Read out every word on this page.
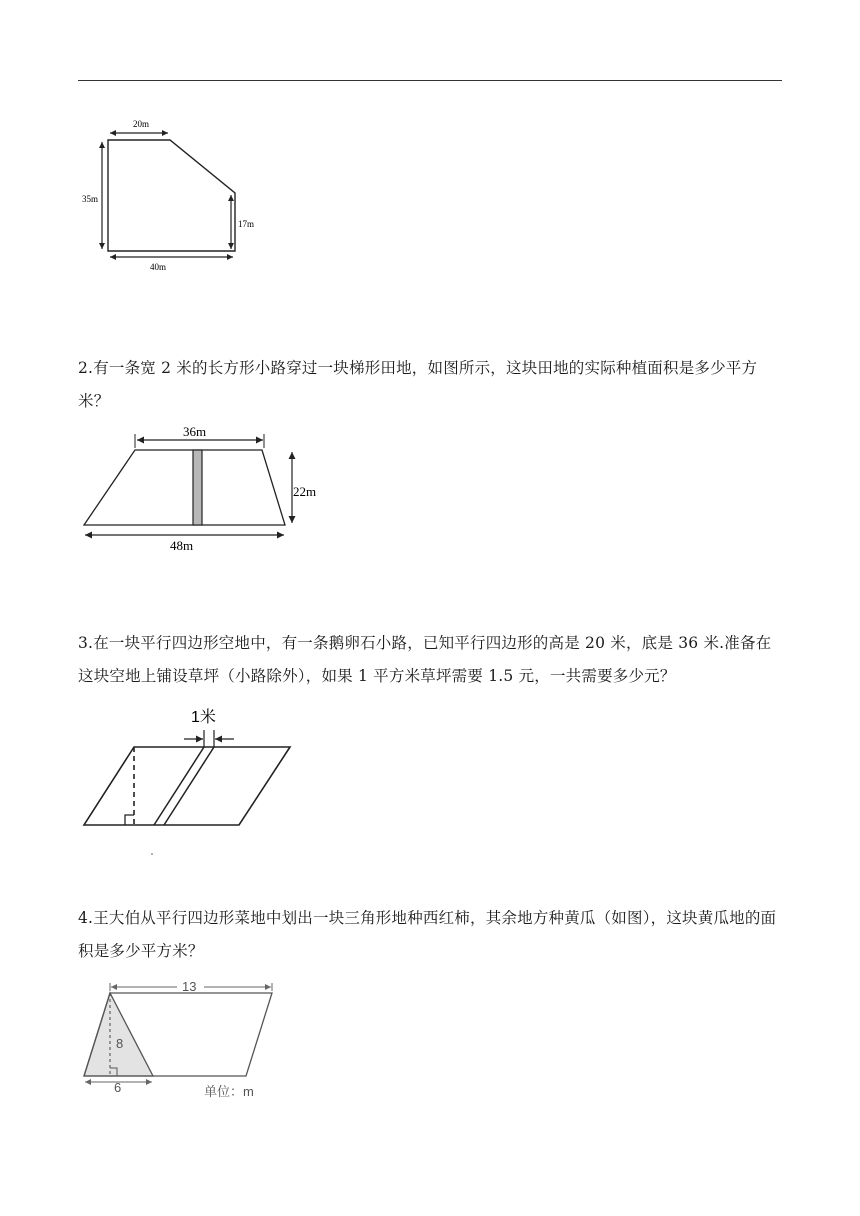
20m
35m
17m
40m
2.有一条宽 2 米的长方形小路穿过一块梯形田地，如图所示，这块田地的实际种植面积是多少平方米？
36m
22m
48m
3.在一块平行四边形空地中，有一条鹅卵石小路，已知平行四边形的高是 20 米，底是 36 米.准备在这块空地上铺设草坪（小路除外），如果 1 平方米草坪需要 1.5 元，一共需要多少元？
1米
4.王大伯从平行四边形菜地中划出一块三角形地种西红柿，其余地方种黄瓜（如图），这块黄瓜地的面积是多少平方米？
13
8
6	单位：m
